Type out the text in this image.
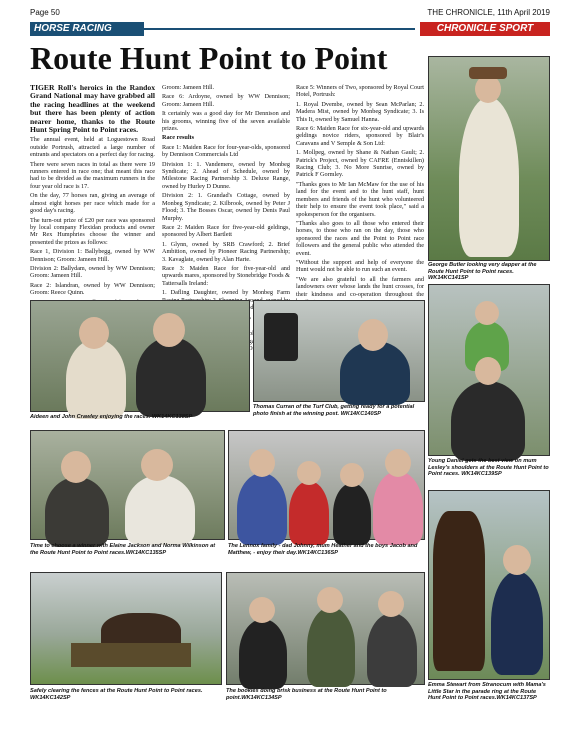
Page 50	THE CHRONICLE, 11th April 2019
HORSE RACING	CHRONICLE SPORT
Route Hunt Point to Point

TIGER Roll's heroics in the Randox Grand National may have grabbed all the racing headlines at the weekend but there has been plenty of action nearer home, thanks to the Route Hunt Spring Point to Point races.

The annual event, held at Loguestown Road outside Portrush, attracted a large number of entrants and spectators on a perfect day for racing.

There were seven races in total as there were 19 runners entered in race one; that meant this race had to be divided as the maximum runners in the four year old race is 17.

On the day, 77 horses ran, giving an average of almost eight horses per race which made for a good day's racing.

The turn-out prize of £20 per race was sponsored by local company Flexidan products and owner Mr Rex Humphries choose the winner and presented the prizes as follows:

Race 1, Division 1: Ballybegg, owned by WW Dennison; Groom: Jameen Hill.

Division 2: Ballydam, owned by WW Dennison; Groom: Jameen Hill.

Race 2: Islandran, owned by WW Dennison; Groom: Reece Quinn.

Groom: Jameen Hill.

Race 6: Ardoyne, owned by WW Dennison; Groom: Jameen Hill.

It certainly was a good day for Mr Dennison and his grooms, winning five of the seven available prizes.

Race results

Race 1: Maiden Race for four-year-olds, sponsored by Dennison Commercials Ltd

Division 1: 1. Vandemere, owned by Monbeg Syndicate; 2. Ahead of Schedule, owned by Milestone Racing Partnership 3. Deluxe Range, owned by Hurley D Dunne.

Division 2: 1. Grandad's Cottage, owned by Monbeg Syndicate; 2. Kilbrook, owned by Peter J Flood; 3. The Bosses Oscar, owned by Denis Paul Murphy.

Race 2: Maiden Race for five-year-old geldings, sponsored by Albert Bartlett

1. Glynn, owned by SRB Crawford; 2. Brief Ambition, owned by Pioneer Racing Partnership; 3. Kavaglate, owned by Alan Harte.

Race 3: Maiden Race for five-year-old and upwards mares, sponsored by Stonebridge Foods & Tattersalls Ireland:

1. Dafling Daughter, owned by Monbeg Farm

Hegarty

Race 5: Winners of Two, sponsored by Royal Court Hotel, Portrush:

1. Royal Dvembe, owned by Sean McParlan; 2. Madera Mist, owned by Monbeg Syndicate; 3. Is This It, owned by Samuel Hanna.

Race 6: Maiden Race for six-year-old and upwards geldings novice riders, sponsored by Blair's Caravans and V Semple & Son Ltd:

1. Mollpeg, owned by Shane & Nathan Gault; 2. Patrick's Project, owned by CAFRE (Enniskillen) Racing Club; 3. No More Sunrise, owned by Patrick F Gormley.

"Thanks goes to Mr Ian McMaw for the use of his land for the event and to the hunt staff, hunt members and friends of the hunt who volunteered their help to ensure the event took place," said a spokesperson for the organisers.

"Thanks also goes to all those who entered their horses, to those who ran on the day, those who sponsored the races and the Point to Point race followers and the general public who attended the event.

"Without the support and help of everyone the Hunt would not be able to run such an event.

"We are also grateful to all the farmers and landowners over whose lands the hunt crosses, for their kindness and co-operation throughout the

George Butler looking very dapper at the Route Hunt Point to Point races. WK14KC141SP
Aideen and John Crawley enjoying the races. WK14KC138SP
Thomas Curran of the Turf Club, getting ready for a potential photo finish at the winning post. WK14KC140SP
Young Daniel gets the best view on mum Lesley's shoulders at the Route Hunt Point to Point races. WK14KC139SP
Time to choose a winner with Elaine Jackson and Norma Wilkinson at the Route Hunt Point to Point races.WK14KC135SP
The Lennox family - dad Johnny, mum Heather and the boys Jacob and Matthew, - enjoy their day.WK14KC136SP
Emma Stewart from Stranocum with Mama's Little Star in the parade ring at the Route Hunt Point to Point races.WK14KC137SP
Safely clearing the fences at the Route Hunt Point to Point races. WK14KC142SP
The bookies doing brisk business at the Route Hunt Point to point.WK14KC134SP
